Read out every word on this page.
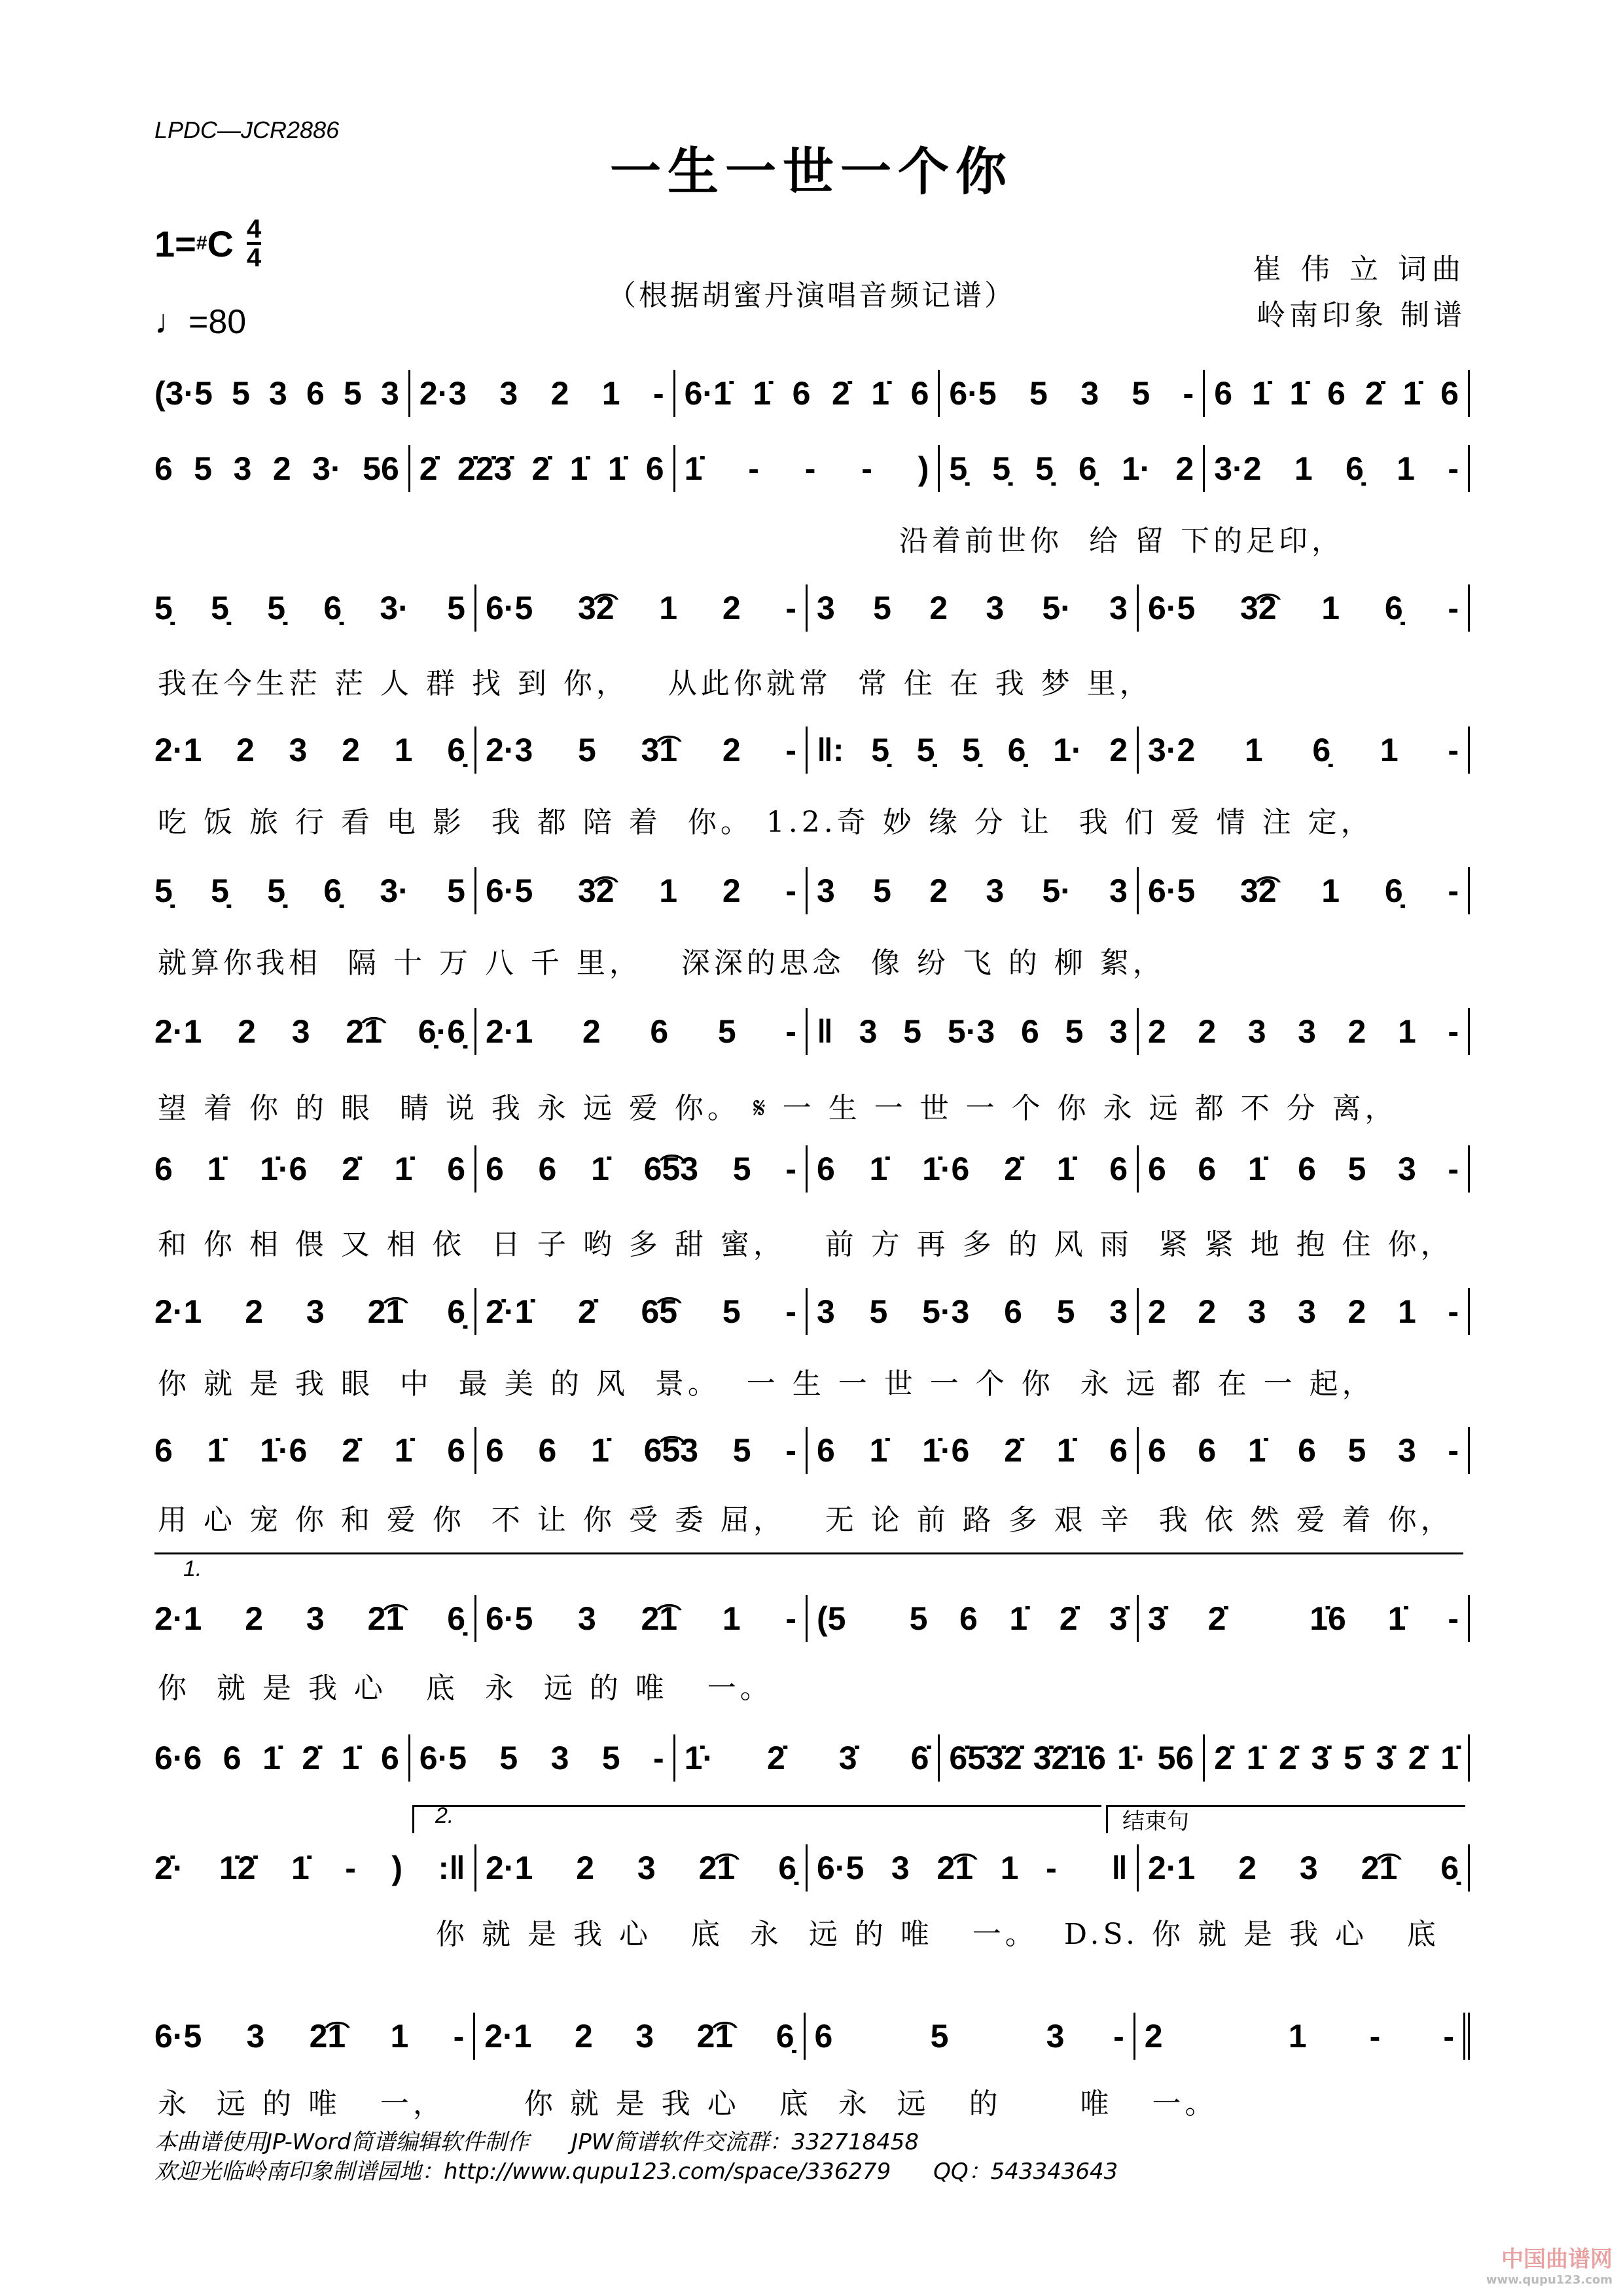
LPDC—JCR2886
一生一世一个你
1= # C $\frac{4}{4}$
♩=80
（根据胡蜜丹演唱音频记谱）
崔 伟 立 词曲
岭南印象 制谱
(3·5 5 3 6 5 3 2·3 3 2 1 - 6·1̇ 1̇ 6 2̇ 1̇ 6 6·5 5 3 5 - 6 1̇ 1̇ 6 2̇ 1̇ 6
6 5 3 2 3· 56 2̇ 2̇2̇3̇ 2̇ 1̇ 1̇ 6 1̇ - - - ) 5̣ 5̣ 5̣ 6̣ 1· 2 3·2 1 6̣ 1 -
沿着前世你  给 留 下的足印，
5̣ 5̣ 5̣ 6̣ 3· 5 6·5 3͡2 1 2 - 3 5 2 3 5· 3 6·5 3͡2 1 6̣ -
我在今生茫 茫 人 群 找 到 你，   从此你就常  常 住 在 我 梦 里，
2·1 2 3 2 1 6̣ 2·3 5 3͡1 2 - ‖: 5̣ 5̣ 5̣ 6̣ 1· 2 3·2 1 6̣ 1 -
吃 饭 旅 行 看 电 影  我 都 陪 着  你。 1.2.奇 妙 缘 分 让  我 们 爱 情 注 定，
5̣ 5̣ 5̣ 6̣ 3· 5 6·5 3͡2 1 2 - 3 5 2 3 5· 3 6·5 3͡2 1 6̣ -
就算你我相  隔 十 万 八 千 里，   深深的思念  像 纷 飞 的 柳 絮，
2·1 2 3 2͡1 6̣·6̣ 2·1 2 6 5 - ‖ 3 5 5·3 6 5 3 2 2 3 3 2 1 -
望 着 你 的 眼  睛 说 我 永 远 爱 你。 𝄋 一 生 一 世 一 个 你 永 远 都 不 分 离，
6 1̇ 1̇·6 2̇ 1̇ 6 6 6 1̇ 6͡53 5 - 6 1̇ 1̇·6 2̇ 1̇ 6 6 6 1̇ 6 5 3 -
和 你 相 偎 又 相 依  日 子 哟 多 甜 蜜，   前 方 再 多 的 风 雨  紧 紧 地 抱 住 你，
2·1 2 3 2͡1 6̣ 2̇·1̇ 2̇ 6͡5 5 - 3 5 5·3 6 5 3 2 2 3 3 2 1 -
你 就 是 我 眼  中  最 美 的 风  景。  一 生 一 世 一 个 你  永 远 都 在 一 起，
6 1̇ 1̇·6 2̇ 1̇ 6 6 6 1̇ 6͡53 5 - 6 1̇ 1̇·6 2̇ 1̇ 6 6 6 1̇ 6 5 3 -
用 心 宠 你 和 爱 你  不 让 你 受 委 屈，   无 论 前 路 多 艰 辛  我 依 然 爱 着 你，
2·1 2 3 2͡1 6̣ 6·5 3 2͡1 1 - (5  5 6 1̇ 2̇ 3̇ 3̇ 2̇  1̇6 1̇ -
你  就 是 我 心   底  永  远 的 唯   一。
6·6 6 1̇ 2̇ 1̇ 6 6·5 5 3 5 - 1̇· 2̇ 3̇ 6̇ 6̇5̇3̇2̇ 3̇2̇1̇6 1̇· 56 2̇ 1̇ 2̇ 3̇ 5̇ 3̇ 2̇ 1̇
2̇· 1̇2̇ 1̇ - ) :‖ 2·1 2 3 2͡1 6̣ 6·5 3 2͡1 1 -  ‖ 2·1 2 3 2͡1 6̣
你 就 是 我 心   底  永  远 的 唯   一。  D.S. 你 就 是 我 心   底
6·5 3 2͡1 1 - 2·1 2 3 2͡1 6̣ 6  5  3 - 2  1 - -
永  远 的 唯   一，      你 就 是 我 心   底  永  远   的      唯   一。
1.
2.	结束句
本曲谱使用JP-Word简谱编辑软件制作      JPW简谱软件交流群：332718458
欢迎光临岭南印象制谱园地：http://www.qupu123.com/space/336279      QQ：543343643
中国曲谱网
www.qupu123.com
